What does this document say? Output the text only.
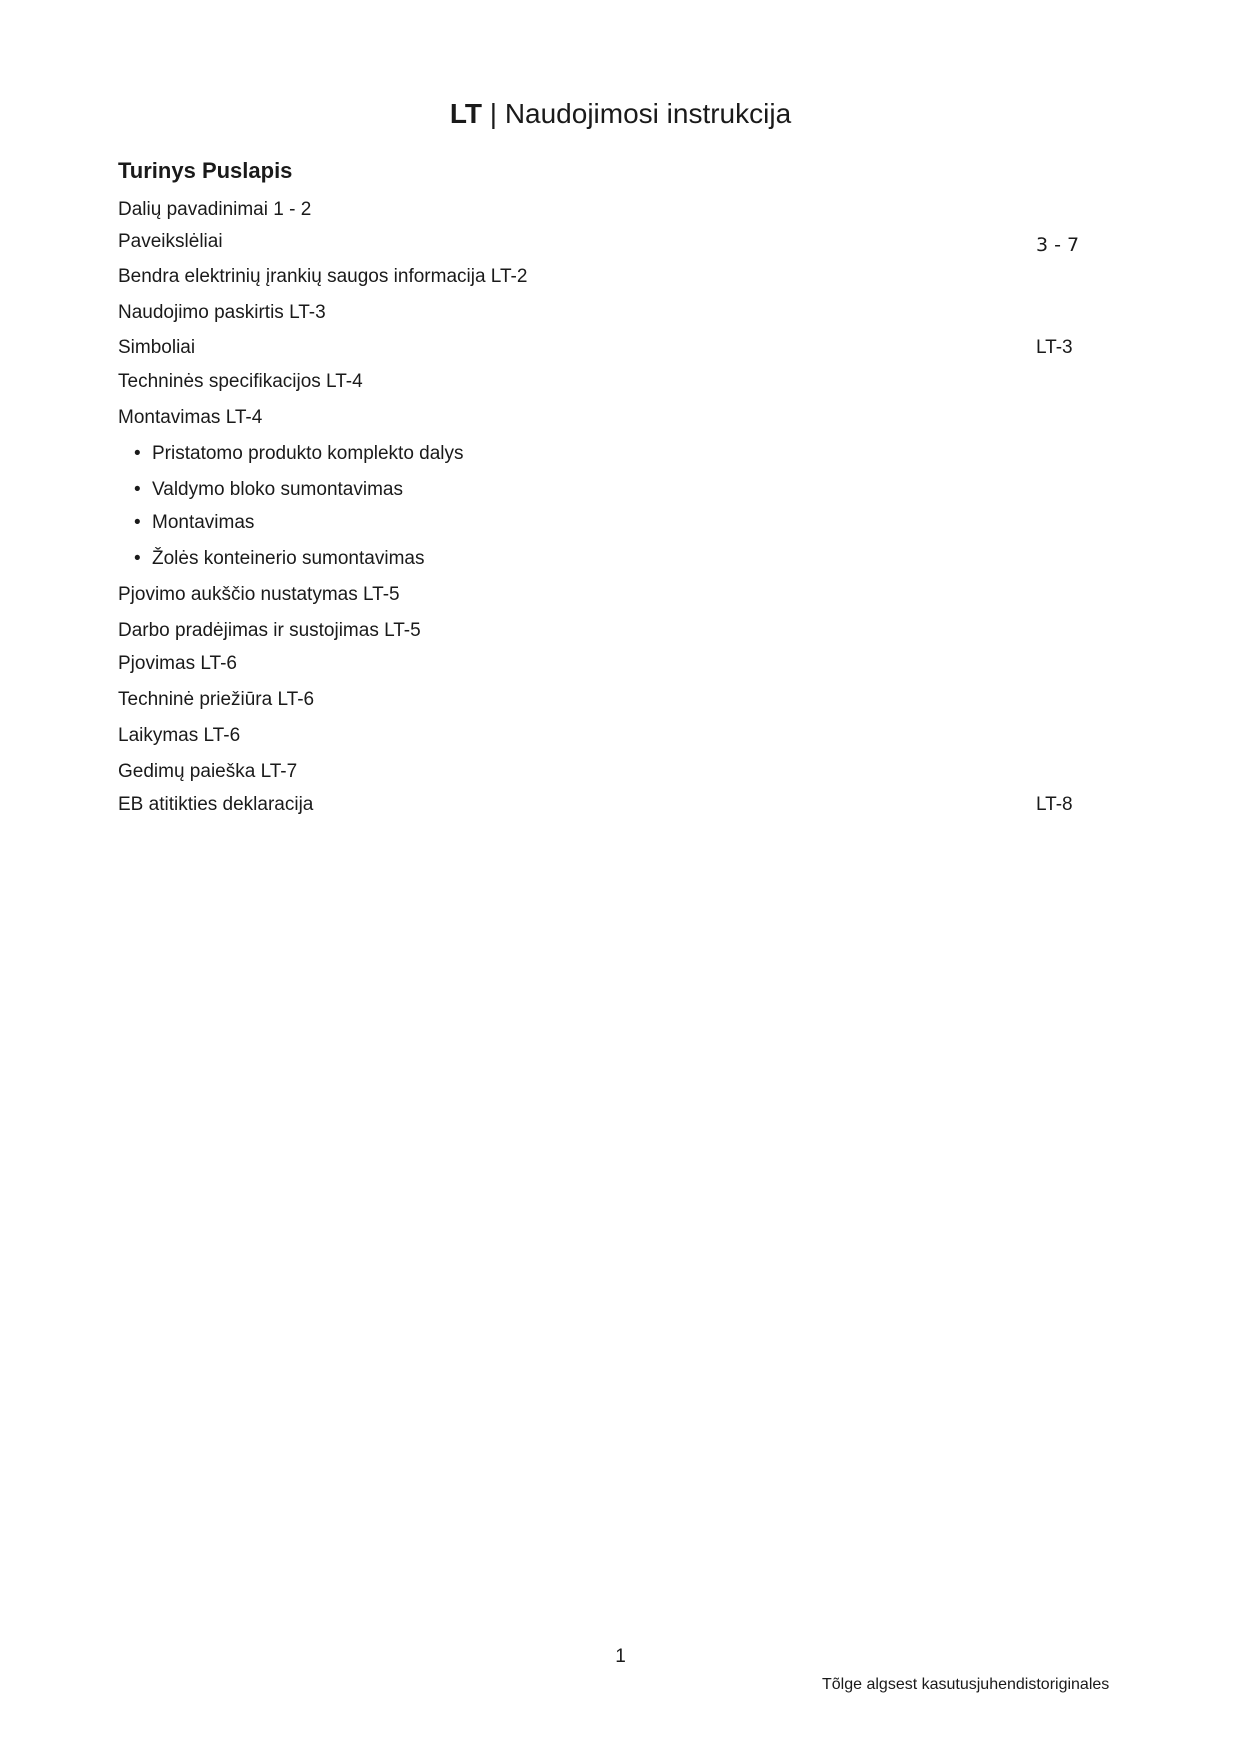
LT | Naudojimosi instrukcija
Turinys Puslapis
Dalių pavadinimai 1 - 2
Paveikslėliai	3 - 7
Bendra elektrinių įrankių saugos informacija LT-2
Naudojimo paskirtis LT-3
Simboliai	LT-3
Techninės specifikacijos LT-4
Montavimas LT-4
• Pristatomo produkto komplekto dalys
• Valdymo bloko sumontavimas
• Montavimas
• Žolės konteinerio sumontavimas
Pjovimo aukščio nustatymas LT-5
Darbo pradėjimas ir sustojimas LT-5
Pjovimas LT-6
Techninė priežiūra LT-6
Laikymas LT-6
Gedimų paieška LT-7
EB atitikties deklaracija	LT-8
1
Tõlge algsest kasutusjuhendistoriginales
